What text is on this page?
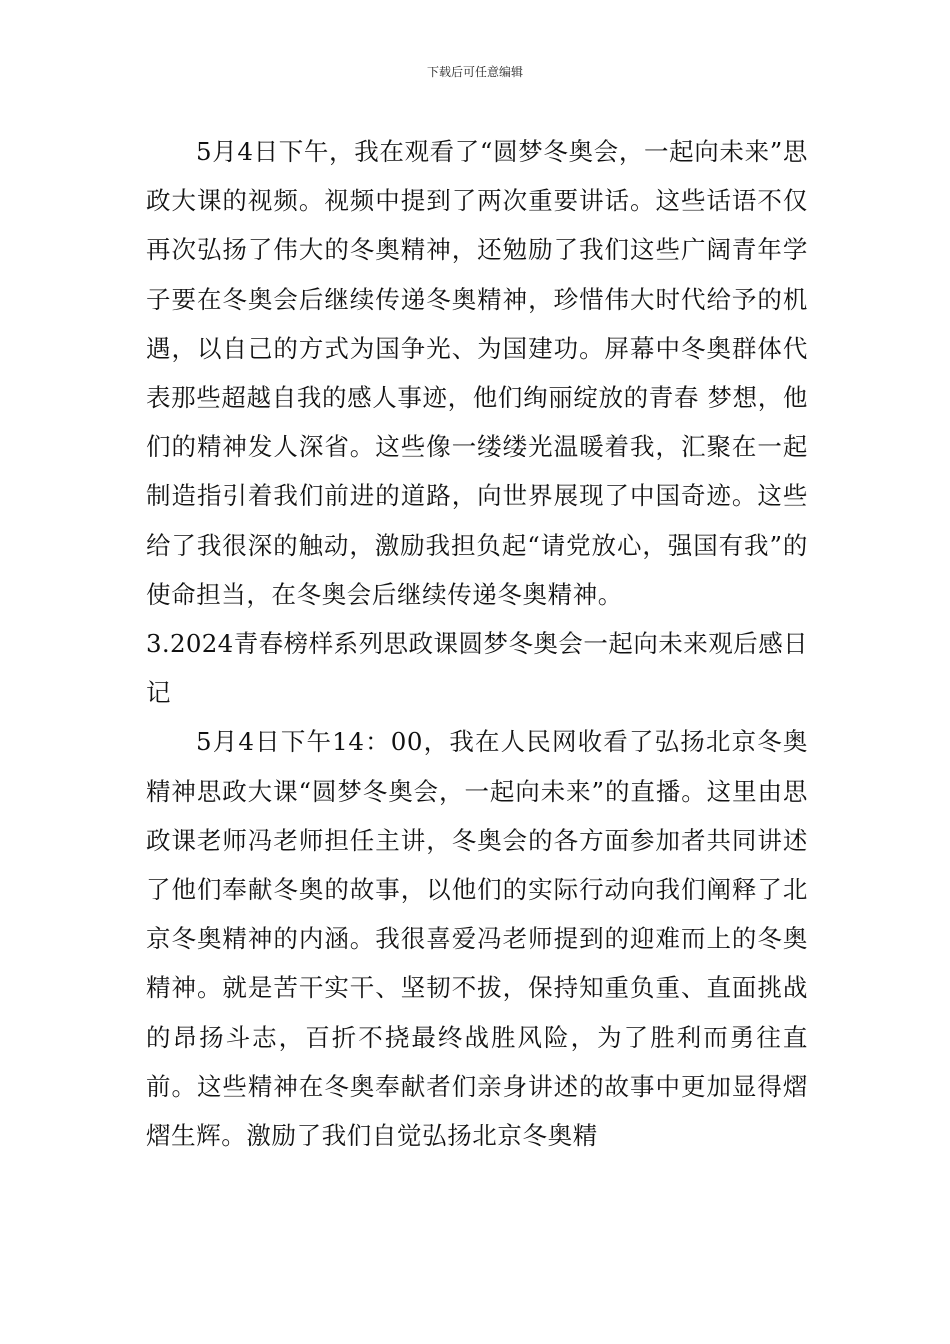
下载后可任意编辑

5月4日下午，我在观看了“圆梦冬奥会，一起向未来”思政大课的视频。视频中提到了两次重要讲话。这些话语不仅再次弘扬了伟大的冬奥精神，还勉励了我们这些广阔青年学子要在冬奥会后继续传递冬奥精神，珍惜伟大时代给予的机遇，以自己的方式为国争光、为国建功。屏幕中冬奥群体代表那些超越自我的感人事迹，他们绚丽绽放的青春 梦想，他们的精神发人深省。这些像一缕缕光温暖着我，汇聚在一起制造指引着我们前进的道路，向世界展现了中国奇迹。这些给了我很深的触动，激励我担负起“请党放心，强国有我”的使命担当，在冬奥会后继续传递冬奥精神。

3.2024青春榜样系列思政课圆梦冬奥会一起向未来观后感日记

5月4日下午14：00，我在人民网收看了弘扬北京冬奥精神思政大课“圆梦冬奥会，一起向未来”的直播。这里由思政课老师冯老师担任主讲，冬奥会的各方面参加者共同讲述了他们奉献冬奥的故事，以他们的实际行动向我们阐释了北京冬奥精神的内涵。我很喜爱冯老师提到的迎难而上的冬奥精神。就是苦干实干、坚韧不拔，保持知重负重、直面挑战的昂扬斗志，百折不挠最终战胜风险，为了胜利而勇往直前。这些精神在冬奥奉献者们亲身讲述的故事中更加显得熠熠生辉。激励了我们自觉弘扬北京冬奥精
